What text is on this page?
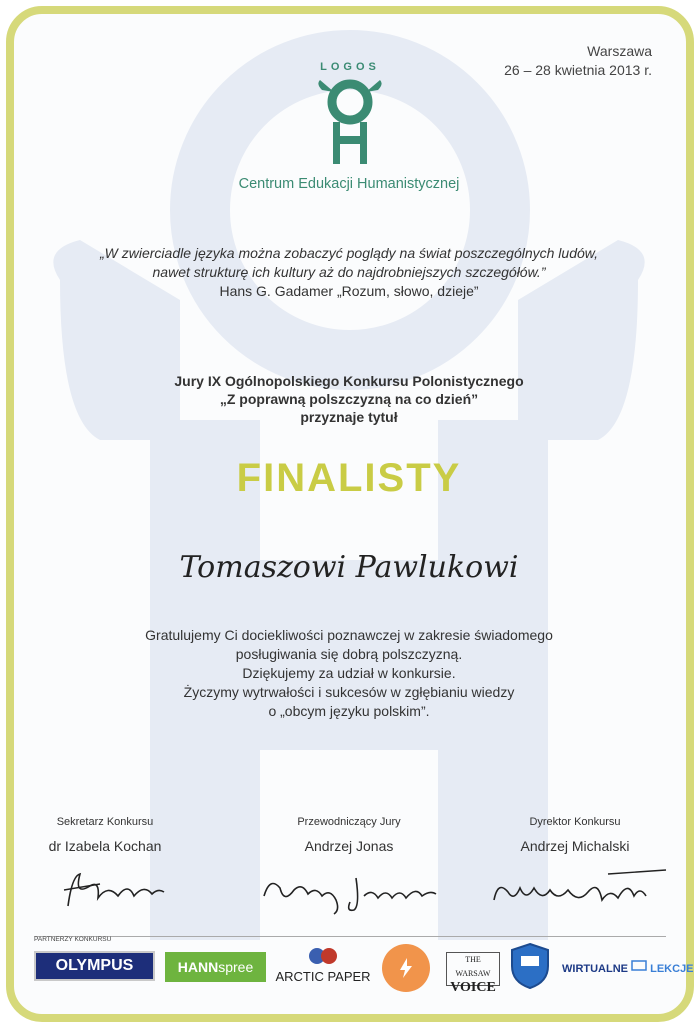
Warszawa
26 – 28 kwietnia 2013 r.
LOGOS
Centrum Edukacji Humanistycznej
„W zwierciadle języka można zobaczyć poglądy na świat poszczególnych ludów,
nawet strukturę ich kultury aż do najdrobniejszych szczegółów.”
Hans G. Gadamer „Rozum, słowo, dzieje”
Jury IX Ogólnopolskiego Konkursu Polonistycznego
„Z poprawną polszczyzną na co dzień”
przyznaje tytuł
FINALISTY
Tomaszowi Pawlukowi
Gratulujemy Ci dociekliwości poznawczej w zakresie świadomego
posługiwania się dobrą polszczyzną.
Dziękujemy za udział w konkursie.
Życzymy wytrwałości i sukcesów w zgłębianiu wiedzy
o „obcym języku polskim”.
Sekretarz Konkursu	Przewodniczący Jury	Dyrektor Konkursu
dr Izabela Kochan	Andrzej Jonas	Andrzej Michalski
PARTNERZY KONKURSU
OLYMPUS	HANN spree
ARCTIC PAPER
THE WARSAW
VOICE
WIRTUALNE LEKCJE
